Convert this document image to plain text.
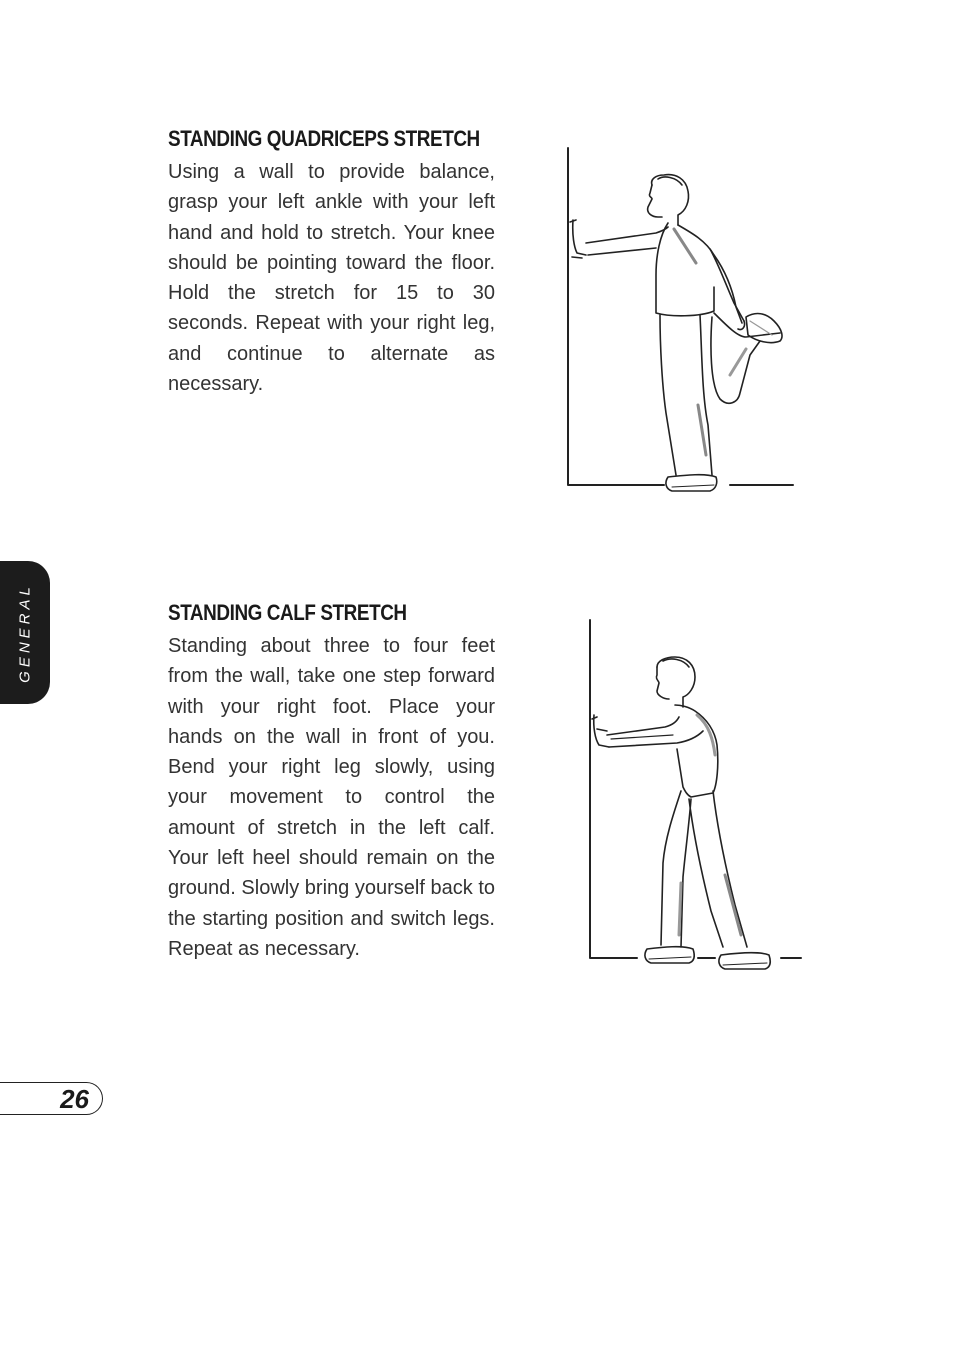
STANDING QUADRICEPS STRETCH

Using a wall to provide balance, grasp your left ankle with your left hand and hold to stretch. Your knee should be pointing toward the floor. Hold the stretch for 15 to 30 seconds. Repeat with your right leg, and continue to alternate as necessary.

GENERAL	STANDING CALF STRETCH

Standing about three to four feet from the wall, take one step forward with your right foot. Place your hands on the wall in front of you. Bend your right leg slowly, using your movement to control the amount of stretch in the left calf. Your left heel should remain on the ground. Slowly bring yourself back to the starting position and switch legs. Repeat as necessary.

26
